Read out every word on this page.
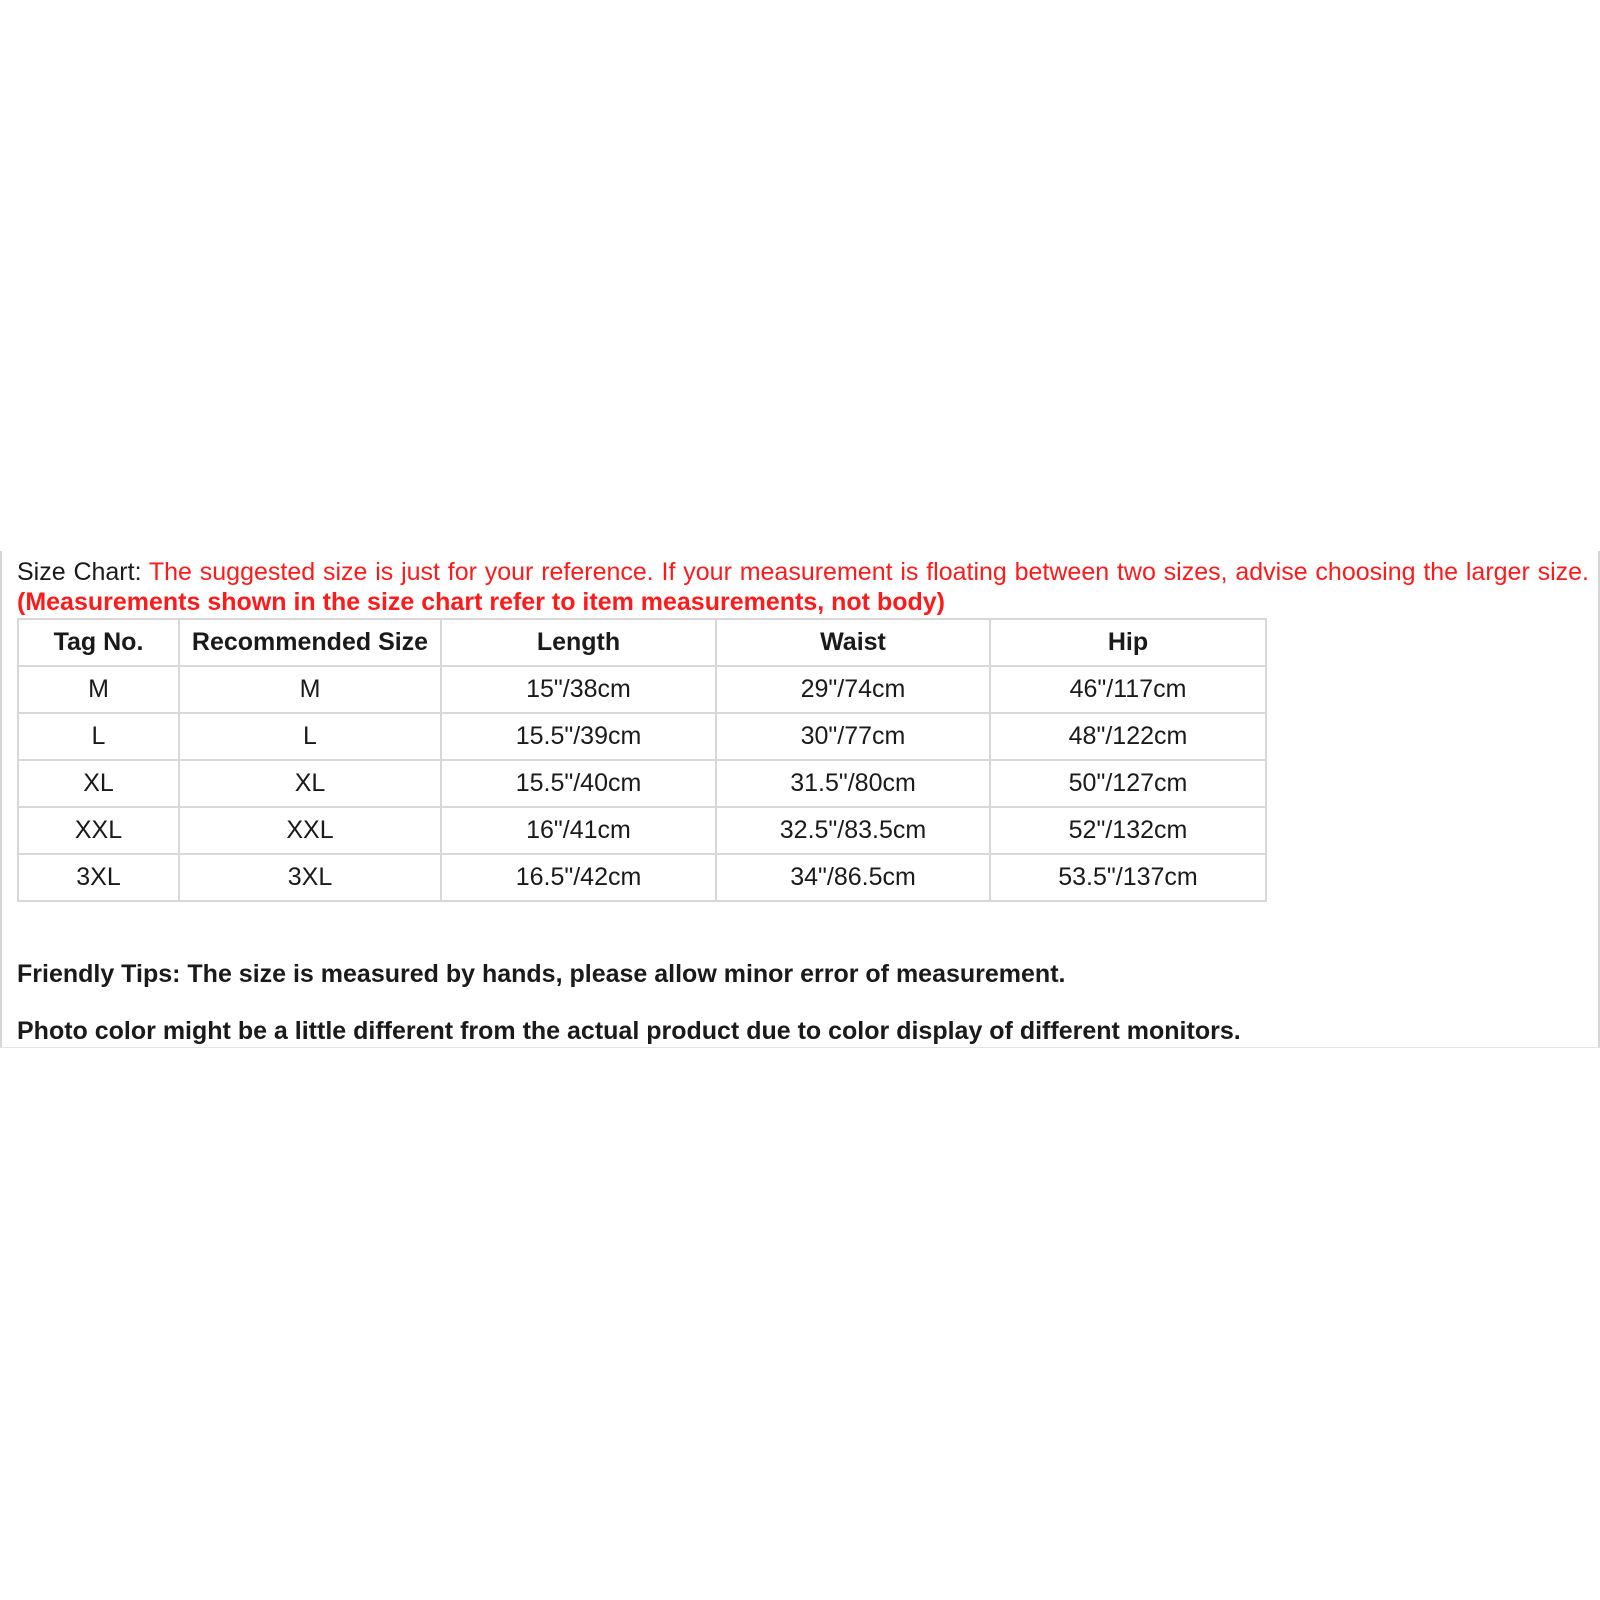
Size Chart: The suggested size is just for your reference. If your measurement is floating between two sizes, advise choosing the larger size. (Measurements shown in the size chart refer to item measurements, not body)
Tag No.	Recommended Size	Length	Waist	Hip
M	M	15"/38cm	29"/74cm	46"/117cm
L	L	15.5"/39cm	30"/77cm	48"/122cm
XL	XL	15.5"/40cm	31.5"/80cm	50"/127cm
XXL	XXL	16"/41cm	32.5"/83.5cm	52"/132cm
3XL	3XL	16.5"/42cm	34"/86.5cm	53.5"/137cm
Friendly Tips: The size is measured by hands, please allow minor error of measurement.
Photo color might be a little different from the actual product due to color display of different monitors.
